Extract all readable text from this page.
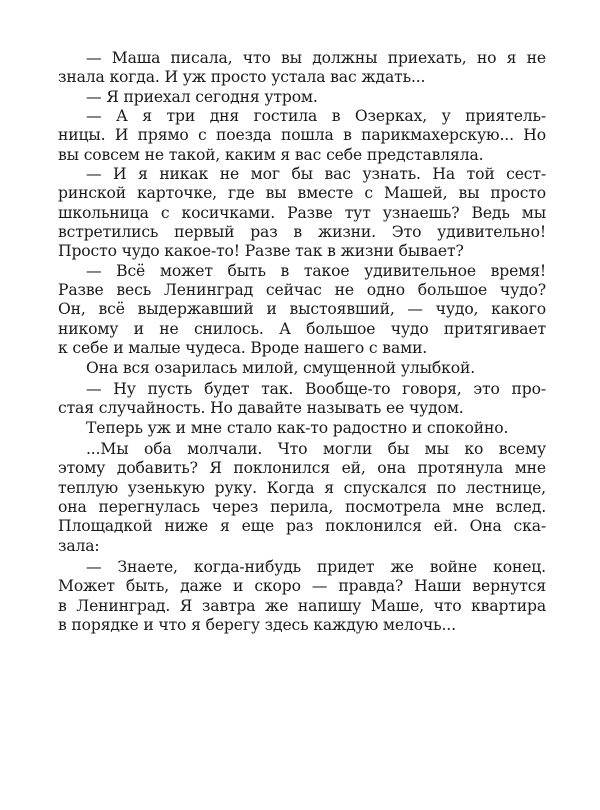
— Маша писала, что вы должны приехать, но я не
знала когда. И уж просто устала вас ждать...
— Я приехал сегодня утром.
— А я три дня гостила в Озерках, у приятель-
ницы. И прямо с поезда пошла в парикмахерскую... Но
вы совсем не такой, каким я вас себе представляла.
— И я никак не мог бы вас узнать. На той сест-
ринской карточке, где вы вместе с Машей, вы просто
школьница с косичками. Разве тут узнаешь? Ведь мы
встретились первый раз в жизни. Это удивительно!
Просто чудо какое-то! Разве так в жизни бывает?
— Всё может быть в такое удивительное время!
Разве весь Ленинград сейчас не одно большое чудо?
Он, всё выдержавший и выстоявший, — чудо, какого
никому и не снилось. А большое чудо притягивает
к себе и малые чудеса. Вроде нашего с вами.
Она вся озарилась милой, смущенной улыбкой.
— Ну пусть будет так. Вообще-то говоря, это про-
стая случайность. Но давайте называть ее чудом.
Теперь уж и мне стало как-то радостно и спокойно.
...Мы оба молчали. Что могли бы мы ко всему
этому добавить? Я поклонился ей, она протянула мне
теплую узенькую руку. Когда я спускался по лестнице,
она перегнулась через перила, посмотрела мне вслед.
Площадкой ниже я еще раз поклонился ей. Она ска-
зала:
— Знаете, когда-нибудь придет же войне конец.
Может быть, даже и скоро — правда? Наши вернутся
в Ленинград. Я завтра же напишу Маше, что квартира
в порядке и что я берегу здесь каждую мелочь...
